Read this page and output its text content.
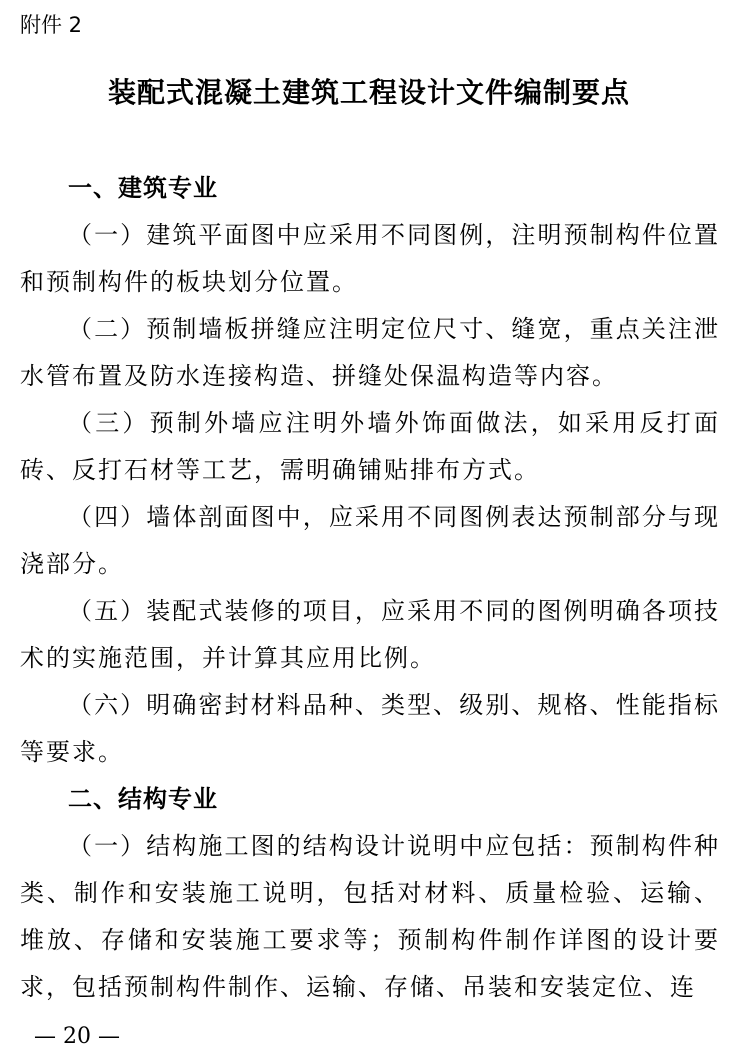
附件 2
装配式混凝土建筑工程设计文件编制要点

一、建筑专业

（一）建筑平面图中应采用不同图例，注明预制构件位置和预制构件的板块划分位置。

（二）预制墙板拼缝应注明定位尺寸、缝宽，重点关注泄水管布置及防水连接构造、拼缝处保温构造等内容。

（三）预制外墙应注明外墙外饰面做法，如采用反打面砖、反打石材等工艺，需明确铺贴排布方式。

（四）墙体剖面图中，应采用不同图例表达预制部分与现浇部分。

（五）装配式装修的项目，应采用不同的图例明确各项技术的实施范围，并计算其应用比例。

（六）明确密封材料品种、类型、级别、规格、性能指标等要求。

二、结构专业

（一）结构施工图的结构设计说明中应包括：预制构件种类、制作和安装施工说明，包括对材料、质量检验、运输、堆放、存储和安装施工要求等；预制构件制作详图的设计要求，包括预制构件制作、运输、存储、吊装和安装定位、连

— 20 —
